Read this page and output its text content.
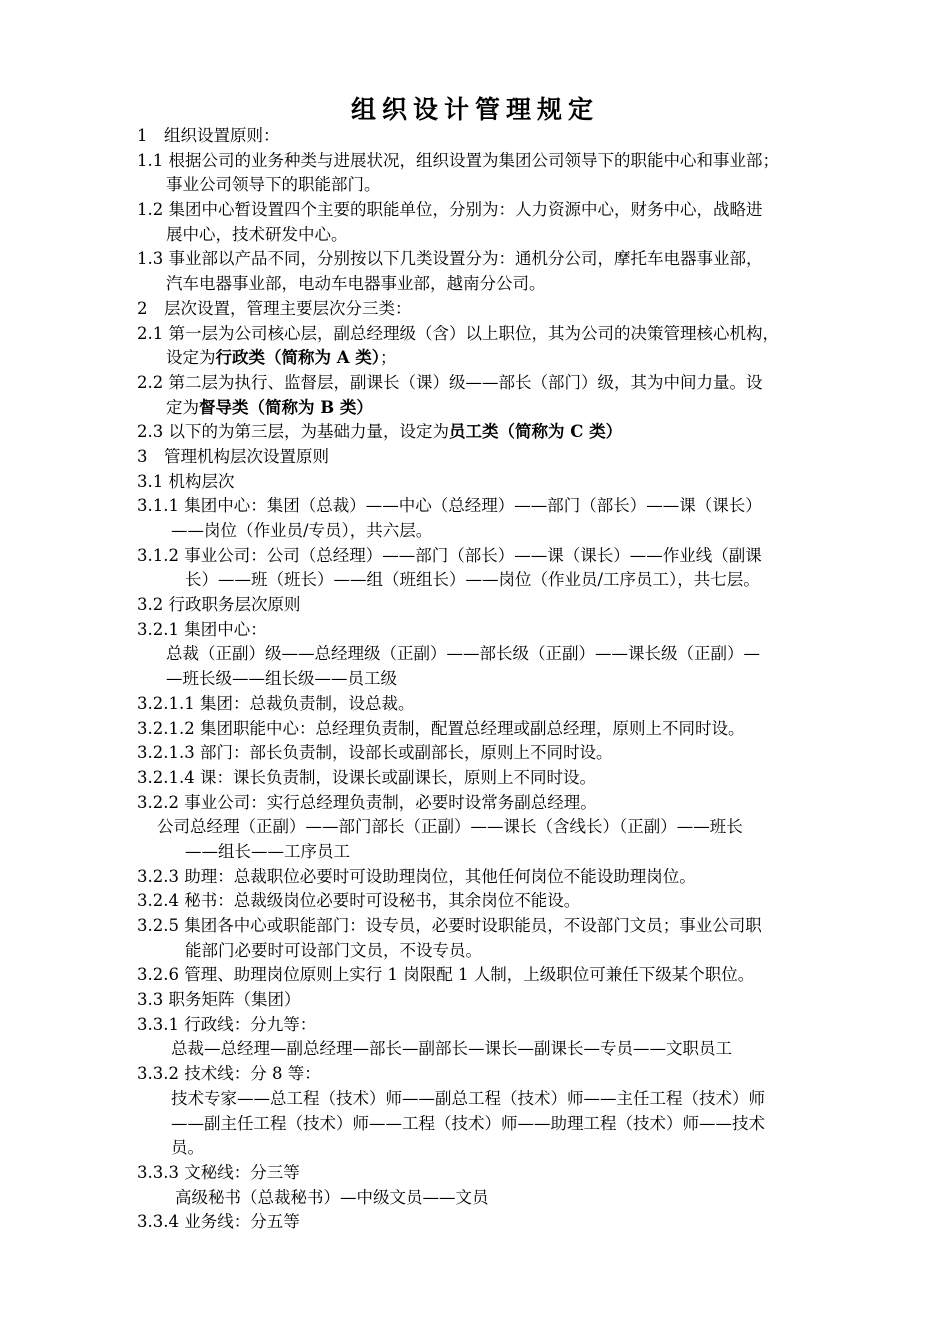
组织设计管理规定
1　组织设置原则：
1.1 根据公司的业务种类与进展状况，组织设置为集团公司领导下的职能中心和事业部；
事业公司领导下的职能部门。
1.2 集团中心暂设置四个主要的职能单位，分别为：人力资源中心，财务中心，战略进
展中心，技术研发中心。
1.3 事业部以产品不同，分别按以下几类设置分为：通机分公司，摩托车电器事业部，
汽车电器事业部，电动车电器事业部，越南分公司。
2　层次设置，管理主要层次分三类：
2.1 第一层为公司核心层，副总经理级（含）以上职位，其为公司的决策管理核心机构，
设定为行政类（简称为 A 类）；
2.2 第二层为执行、监督层，副课长（课）级——部长（部门）级，其为中间力量。设
定为督导类（简称为 B 类）
2.3 以下的为第三层，为基础力量，设定为员工类（简称为 C 类）
3　管理机构层次设置原则
3.1 机构层次
3.1.1 集团中心：集团（总裁）——中心（总经理）——部门（部长）——课（课长）
——岗位（作业员/专员），共六层。
3.1.2 事业公司：公司（总经理）——部门（部长）——课（课长）——作业线（副课
长）——班（班长）——组（班组长）——岗位（作业员/工序员工），共七层。
3.2 行政职务层次原则
3.2.1 集团中心：
总裁（正副）级——总经理级（正副）——部长级（正副）——课长级（正副）—
—班长级——组长级——员工级
3.2.1.1 集团：总裁负责制，设总裁。
3.2.1.2 集团职能中心：总经理负责制，配置总经理或副总经理，原则上不同时设。
3.2.1.3 部门：部长负责制，设部长或副部长，原则上不同时设。
3.2.1.4 课：课长负责制，设课长或副课长，原则上不同时设。
3.2.2 事业公司：实行总经理负责制，必要时设常务副总经理。
公司总经理（正副）——部门部长（正副）——课长（含线长）（正副）——班长
——组长——工序员工
3.2.3 助理：总裁职位必要时可设助理岗位，其他任何岗位不能设助理岗位。
3.2.4 秘书：总裁级岗位必要时可设秘书，其余岗位不能设。
3.2.5 集团各中心或职能部门：设专员，必要时设职能员，不设部门文员；事业公司职
能部门必要时可设部门文员，不设专员。
3.2.6 管理、助理岗位原则上实行 1 岗限配 1 人制，上级职位可兼任下级某个职位。
3.3 职务矩阵（集团）
3.3.1 行政线：分九等：
总裁—总经理—副总经理—部长—副部长—课长—副课长—专员——文职员工
3.3.2 技术线：分 8 等：
技术专家——总工程（技术）师——副总工程（技术）师——主任工程（技术）师
——副主任工程（技术）师——工程（技术）师——助理工程（技术）师——技术
员。
3.3.3 文秘线：分三等
高级秘书（总裁秘书）—中级文员——文员
3.3.4 业务线：分五等
